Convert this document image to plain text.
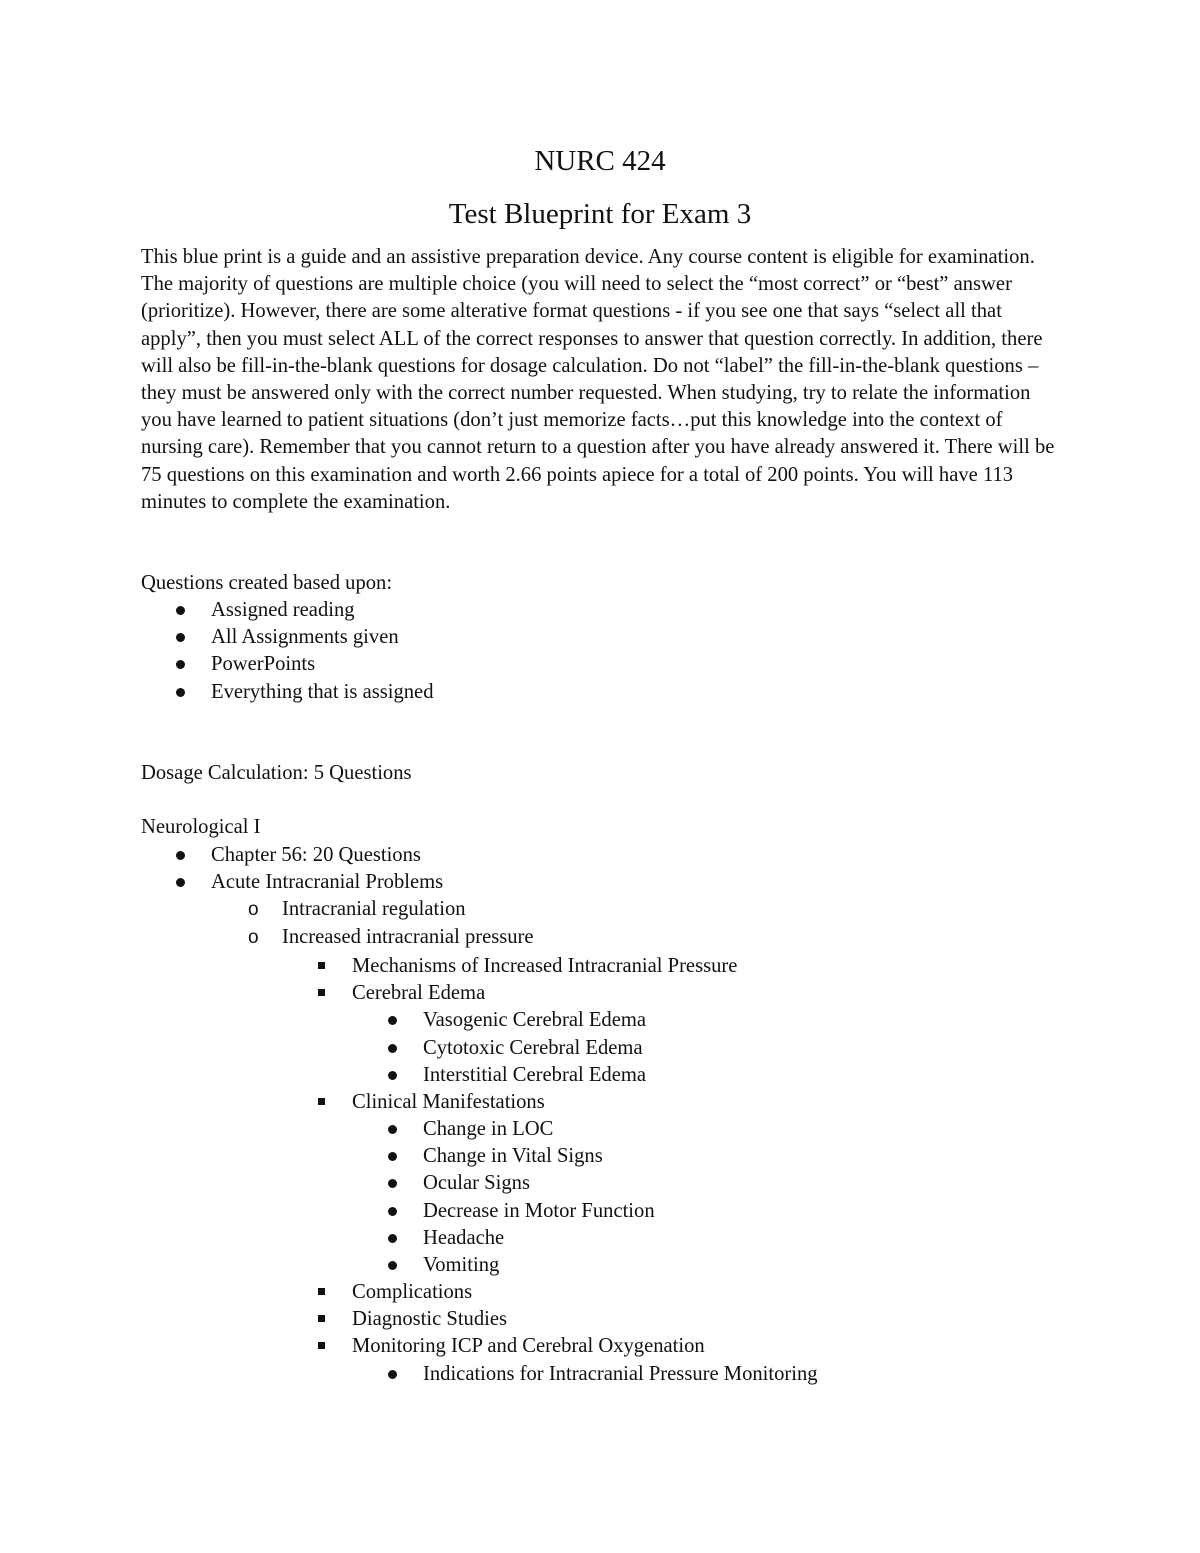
NURC 424
Test Blueprint for Exam 3

This blue print is a guide and an assistive preparation device. Any course content is eligible for examination. The majority of questions are multiple choice (you will need to select the “most correct” or “best” answer (prioritize). However, there are some alterative format questions - if you see one that says “select all that apply”, then you must select ALL of the correct responses to answer that question correctly. In addition, there will also be fill-in-the-blank questions for dosage calculation. Do not “label” the fill-in-the-blank questions – they must be answered only with the correct number requested. When studying, try to relate the information you have learned to patient situations (don’t just memorize facts…put this knowledge into the context of nursing care). Remember that you cannot return to a question after you have already answered it. There will be 75 questions on this examination and worth 2.66 points apiece for a total of 200 points. You will have 113 minutes to complete the examination.

Questions created based upon:
Assigned reading
All Assignments given
PowerPoints
Everything that is assigned
Dosage Calculation: 5 Questions
Neurological I
Chapter 56: 20 Questions
Acute Intracranial Problems
o Intracranial regulation
o Increased intracranial pressure
Mechanisms of Increased Intracranial Pressure
Cerebral Edema
Vasogenic Cerebral Edema
Cytotoxic Cerebral Edema
Interstitial Cerebral Edema
Clinical Manifestations
Change in LOC
Change in Vital Signs
Ocular Signs
Decrease in Motor Function
Headache
Vomiting
Complications
Diagnostic Studies
Monitoring ICP and Cerebral Oxygenation
Indications for Intracranial Pressure Monitoring
